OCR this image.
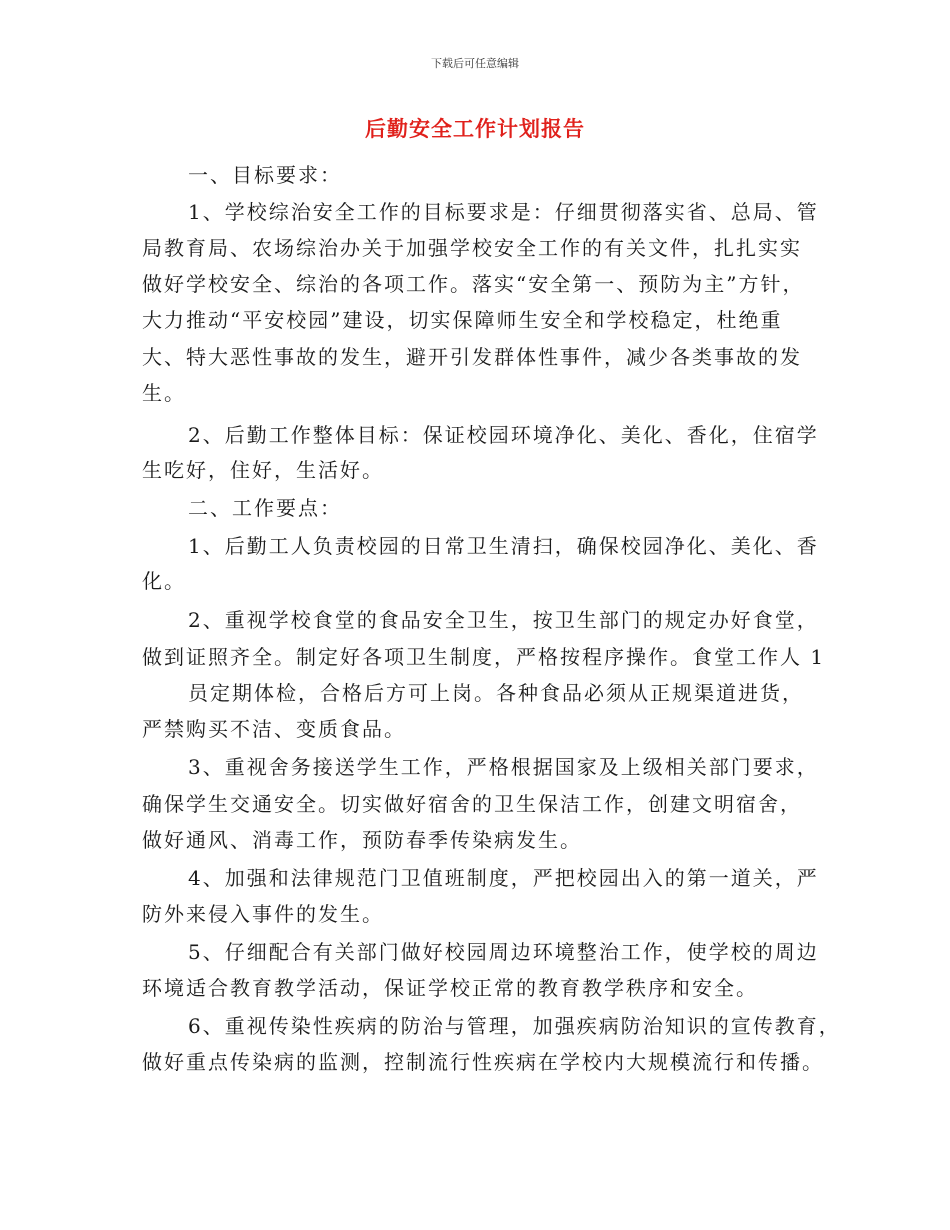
下载后可任意编辑
后勤安全工作计划报告
一、目标要求：
1、学校综治安全工作的目标要求是：仔细贯彻落实省、总局、管
局教育局、农场综治办关于加强学校安全工作的有关文件，扎扎实实
做好学校安全、综治的各项工作。落实“安全第一、预防为主”方针，
大力推动“平安校园”建设，切实保障师生安全和学校稳定，杜绝重
大、特大恶性事故的发生，避开引发群体性事件，减少各类事故的发
生。
2、后勤工作整体目标：保证校园环境净化、美化、香化，住宿学
生吃好，住好，生活好。
二、工作要点：
1、后勤工人负责校园的日常卫生清扫，确保校园净化、美化、香
化。
2、重视学校食堂的食品安全卫生，按卫生部门的规定办好食堂，
做到证照齐全。制定好各项卫生制度，严格按程序操作。食堂工作人 1
员定期体检，合格后方可上岗。各种食品必须从正规渠道进货，
严禁购买不洁、变质食品。
3、重视舍务接送学生工作，严格根据国家及上级相关部门要求，
确保学生交通安全。切实做好宿舍的卫生保洁工作，创建文明宿舍，
做好通风、消毒工作，预防春季传染病发生。
4、加强和法律规范门卫值班制度，严把校园出入的第一道关，严
防外来侵入事件的发生。
5、仔细配合有关部门做好校园周边环境整治工作，使学校的周边
环境适合教育教学活动，保证学校正常的教育教学秩序和安全。
6、重视传染性疾病的防治与管理，加强疾病防治知识的宣传教育，
做好重点传染病的监测，控制流行性疾病在学校内大规模流行和传播。
